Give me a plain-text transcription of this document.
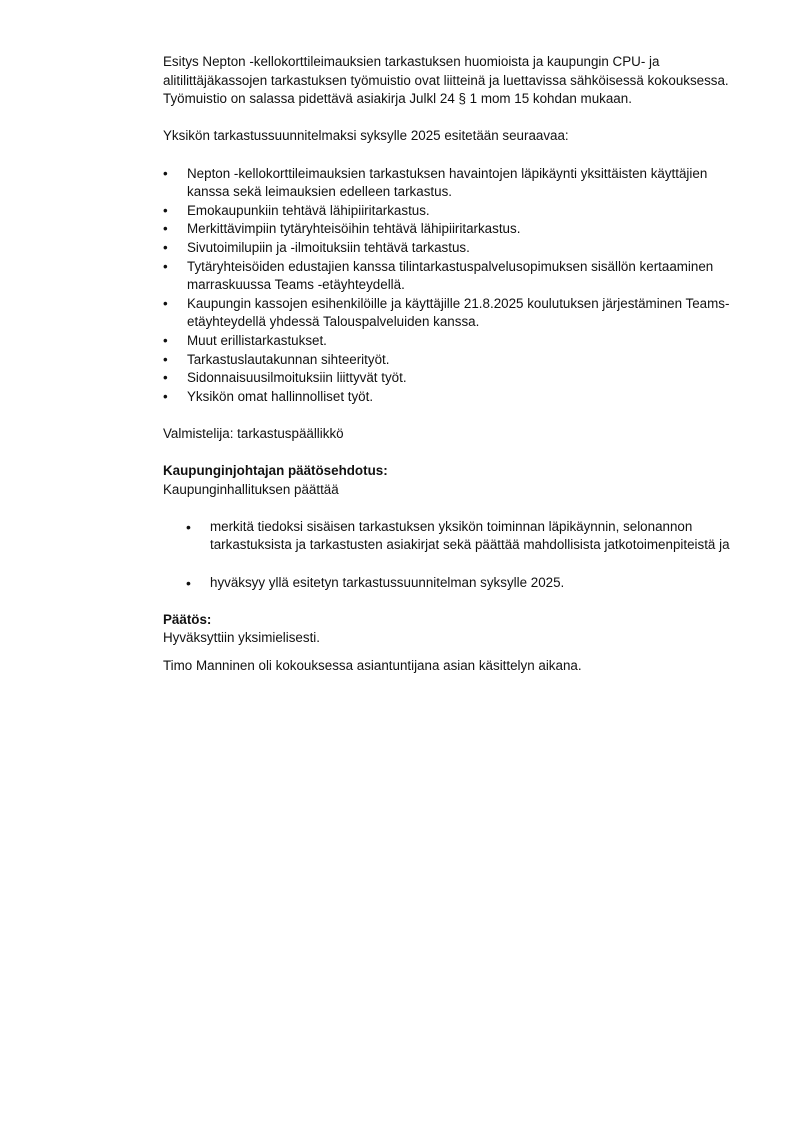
Esitys Nepton -kellokorttileimauksien tarkastuksen huomioista ja kaupungin CPU- ja alitilittäjäkassojen tarkastuksen työmuistio ovat liitteinä ja luettavissa sähköisessä kokouksessa. Työmuistio on salassa pidettävä asiakirja Julkl 24 § 1 mom 15 kohdan mukaan.

Yksikön tarkastussuunnitelmaksi syksylle 2025 esitetään seuraavaa:

•	Nepton -kellokorttileimauksien tarkastuksen havaintojen läpikäynti yksittäisten käyttäjien kanssa sekä leimauksien edelleen tarkastus.
•	Emokaupunkiin tehtävä lähipiiritarkastus.
•	Merkittävimpiin tytäryhteisöihin tehtävä lähipiiritarkastus.
•	Sivutoimilupiin ja -ilmoituksiin tehtävä tarkastus.
•	Tytäryhteisöiden edustajien kanssa tilintarkastuspalvelusopimuksen sisällön kertaaminen marraskuussa Teams -etäyhteydellä.
•	Kaupungin kassojen esihenkilöille ja käyttäjille 21.8.2025 koulutuksen järjestäminen Teams-etäyhteydellä yhdessä Talouspalveluiden kanssa.
•	Muut erillistarkastukset.
•	Tarkastuslautakunnan sihteerityöt.
•	Sidonnaisuusilmoituksiin liittyvät työt.
•	Yksikön omat hallinnolliset työt.

Valmistelija: tarkastuspäällikkö

Kaupunginjohtajan päätösehdotus:

Kaupunginhallituksen päättää

• merkitä tiedoksi sisäisen tarkastuksen yksikön toiminnan läpikäynnin, selonannon tarkastuksista ja tarkastusten asiakirjat sekä päättää mahdollisista jatkotoimenpiteistä ja
• hyväksyy yllä esitetyn tarkastussuunnitelman syksylle 2025.

Päätös:

Hyväksyttiin yksimielisesti.

Timo Manninen oli kokouksessa asiantuntijana asian käsittelyn aikana.
